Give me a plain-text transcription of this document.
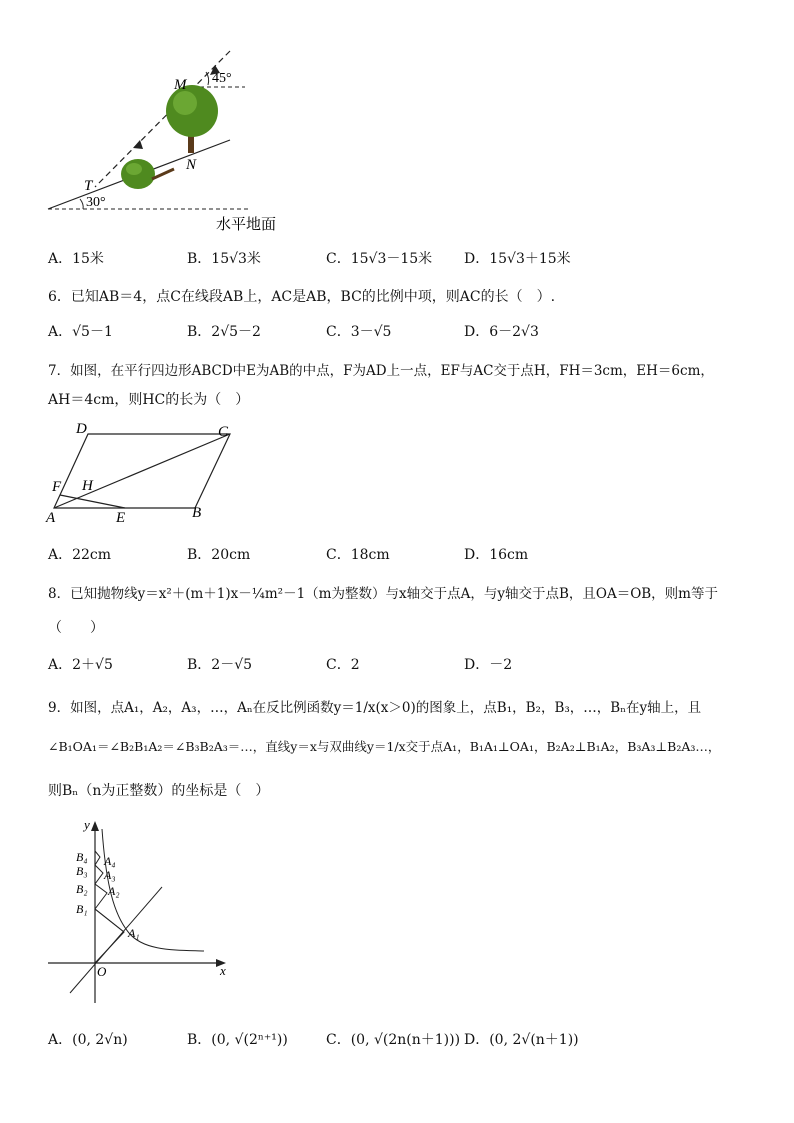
45°
M
N
T
30°
水平地面
A．15米	B．15√3米	C．15√3－15米 D．15√3＋15米
6．已知AB＝4，点C在线段AB上，AC是AB，BC的比例中项，则AC的长（　）.
A．√5－1	B．2√5－2	C．3－√5	D．6－2√3
7．如图，在平行四边形ABCD中E为AB的中点，F为AD上一点，EF与AC交于点H，FH＝3cm，EH＝6cm，
AH＝4cm，则HC的长为（　）
D	C
F H
A	E	B
A．22cm	B．20cm	C．18cm	D．16cm
8．已知抛物线y＝x²＋(m＋1)x－¼m²－1（m为整数）与x轴交于点A，与y轴交于点B，且OA＝OB，则m等于
（　　）
A．2＋√5	B．2－√5	C．2	D．－2
9．如图，点A₁，A₂，A₃，…，Aₙ在反比例函数y＝1/x(x＞0)的图象上，点B₁，B₂，B₃，…，Bₙ在y轴上，且
∠B₁OA₁＝∠B₂B₁A₂＝∠B₃B₂A₃＝…，直线y＝x与双曲线y＝1/x交于点A₁，B₁A₁⊥OA₁，B₂A₂⊥B₁A₂，B₃A₃⊥B₂A₃…，
则Bₙ（n为正整数）的坐标是（　）
y
x
O
A₁
A₂
A₃
A₄
B₁
B₂
B₃
B₄
A．(0, 2√n)	B．(0, √(2ⁿ⁺¹))	C．(0, √(2n(n＋1))) D．(0, 2√(n＋1))
